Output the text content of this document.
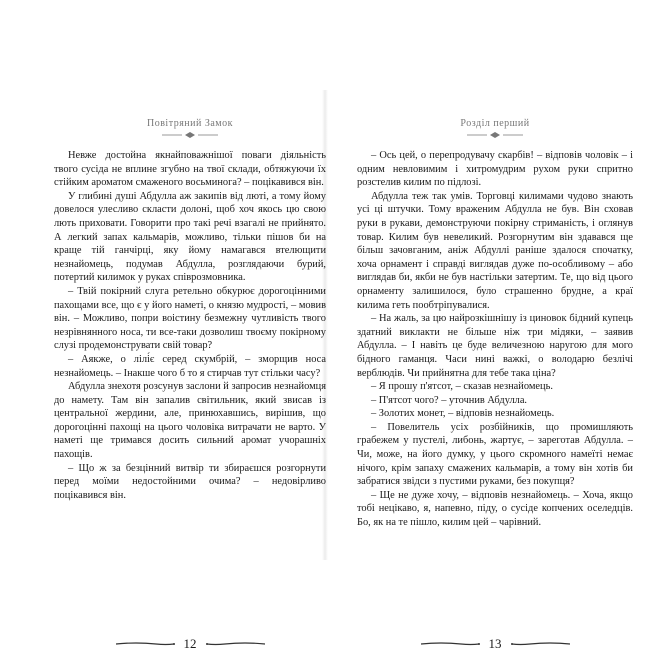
Повітряний Замок

Невже достойна якнайповажнішої поваги діяльність твого сусіда не вплине згубно на твої склади, обтяжуючи їх стійким ароматом смаженого восьминога? – поцікавився він.

У глибині душі Абдулла аж закипів від люті, а тому йому довелося улесливо скласти долоні, щоб хоч якось цю свою лють приховати. Говорити про такі речі взагалі не прийнято. А легкий запах кальмарів, можливо, тільки пішов би на краще тій ганчірці, яку йому намагався втелющити незнайомець, подумав Абдулла, розглядаючи бурий, потертий килимок у руках співрозмовника.

– Твій покірний слуга ретельно обкурює дорогоцінними пахощами все, що є у його наметі, о князю мудрості, – мовив він. – Можливо, попри воістину безмежну чутливість твого незрівнянного носа, ти все-таки дозволиш твоєму покірному слузі продемонструвати свій товар?

– Аякже, о лілі́є серед скумбрій, – зморщив носа незнайомець. – Інакше чого б то я стирчав тут стільки часу?

Абдулла знехотя розсунув заслони й запросив незнайомця до намету. Там він запалив світильник, який звисав із центральної жердини, але, принюхавшись, вирішив, що дорогоцінні пахощі на цього чоловіка витрачати не варто. У наметі ще тримався досить сильний аромат учорашніх пахощів.

– Що ж за безцінний витвір ти збираєшся розгорнути перед моїми недостойними очима? – недовірливо поцікавився він.

12
Розділ перший

– Ось цей, о перепродувачу скарбів! – відповів чоловік – і одним невловимим і хитромудрим рухом руки спритно розстелив килим по підлозі.

Абдулла теж так умів. Торговці килимами чудово знають усі ці штучки. Тому враженим Абдулла не був. Він сховав руки в рукави, демонструючи покірну стриманість, і оглянув товар. Килим був невеликий. Розгорнутим він здавався ще більш зачовганим, аніж Абдуллі раніше здалося спочатку, хоча орнамент і справді виглядав дуже по-особливому – або виглядав би, якби не був настільки затертим. Те, що від цього орнаменту залишилося, було страшенно брудне, а краї килима геть пообтріпувалися.

– На жаль, за цю найрозкішнішу із циновок бідний купець здатний виклакти не більше ніж три мідяки, – заявив Абдулла. – І навіть це буде величезною наругою для мого бідного гаманця. Часи нині важкі, о володарю безлічі верблюдів. Чи прийнятна для тебе така ціна?

– Я прошу п'ятсот, – сказав незнайомець.

– П'ятсот чого? – уточнив Абдулла.

– Золотих монет, – відповів незнайомець.

– Повелитель усіх розбійників, що промишляють грабежем у пустелі, либонь, жартує, – зареготав Абдулла. – Чи, може, на його думку, у цього скромного намеїті немає нічого, крім запаху смажених кальмарів, а тому він хотів би забратися звідси з пустими руками, без покупця?

– Ще не дуже хочу, – відповів незнайомець. – Хоча, якщо тобі нецікаво, я, напевно, піду, о сусіде копчених оселедців. Бо, як на те пішло, килим цей – чарівний.

13
